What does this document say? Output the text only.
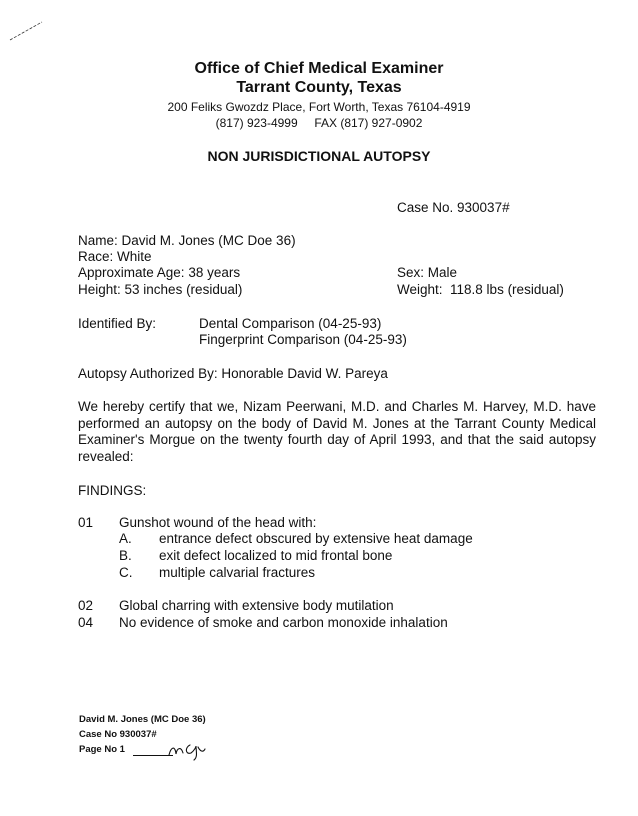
Office of Chief Medical Examiner
Tarrant County, Texas
200 Feliks Gwozdz Place, Fort Worth, Texas 76104-4919
(817) 923-4999     FAX (817) 927-0902
NON JURISDICTIONAL AUTOPSY
Case No. 930037#
Name: David M. Jones (MC Doe 36)
Race: White
Approximate Age: 38 years	Sex: Male
Height: 53 inches (residual)	Weight:  118.8 lbs (residual)
Identified By:	Dental Comparison (04-25-93)
Fingerprint Comparison (04-25-93)
Autopsy Authorized By: Honorable David W. Pareya
We hereby certify that we, Nizam Peerwani, M.D. and Charles M. Harvey, M.D. have performed an autopsy on the body of David M. Jones at the Tarrant County Medical Examiner's Morgue on the twenty fourth day of April 1993, and that the said autopsy revealed:
FINDINGS:
01 Gunshot wound of the head with:
A. entrance defect obscured by extensive heat damage
B. exit defect localized to mid frontal bone
C. multiple calvarial fractures
02 Global charring with extensive body mutilation
04 No evidence of smoke and carbon monoxide inhalation
David M. Jones (MC Doe 36)
Case No 930037#
Page No 1
